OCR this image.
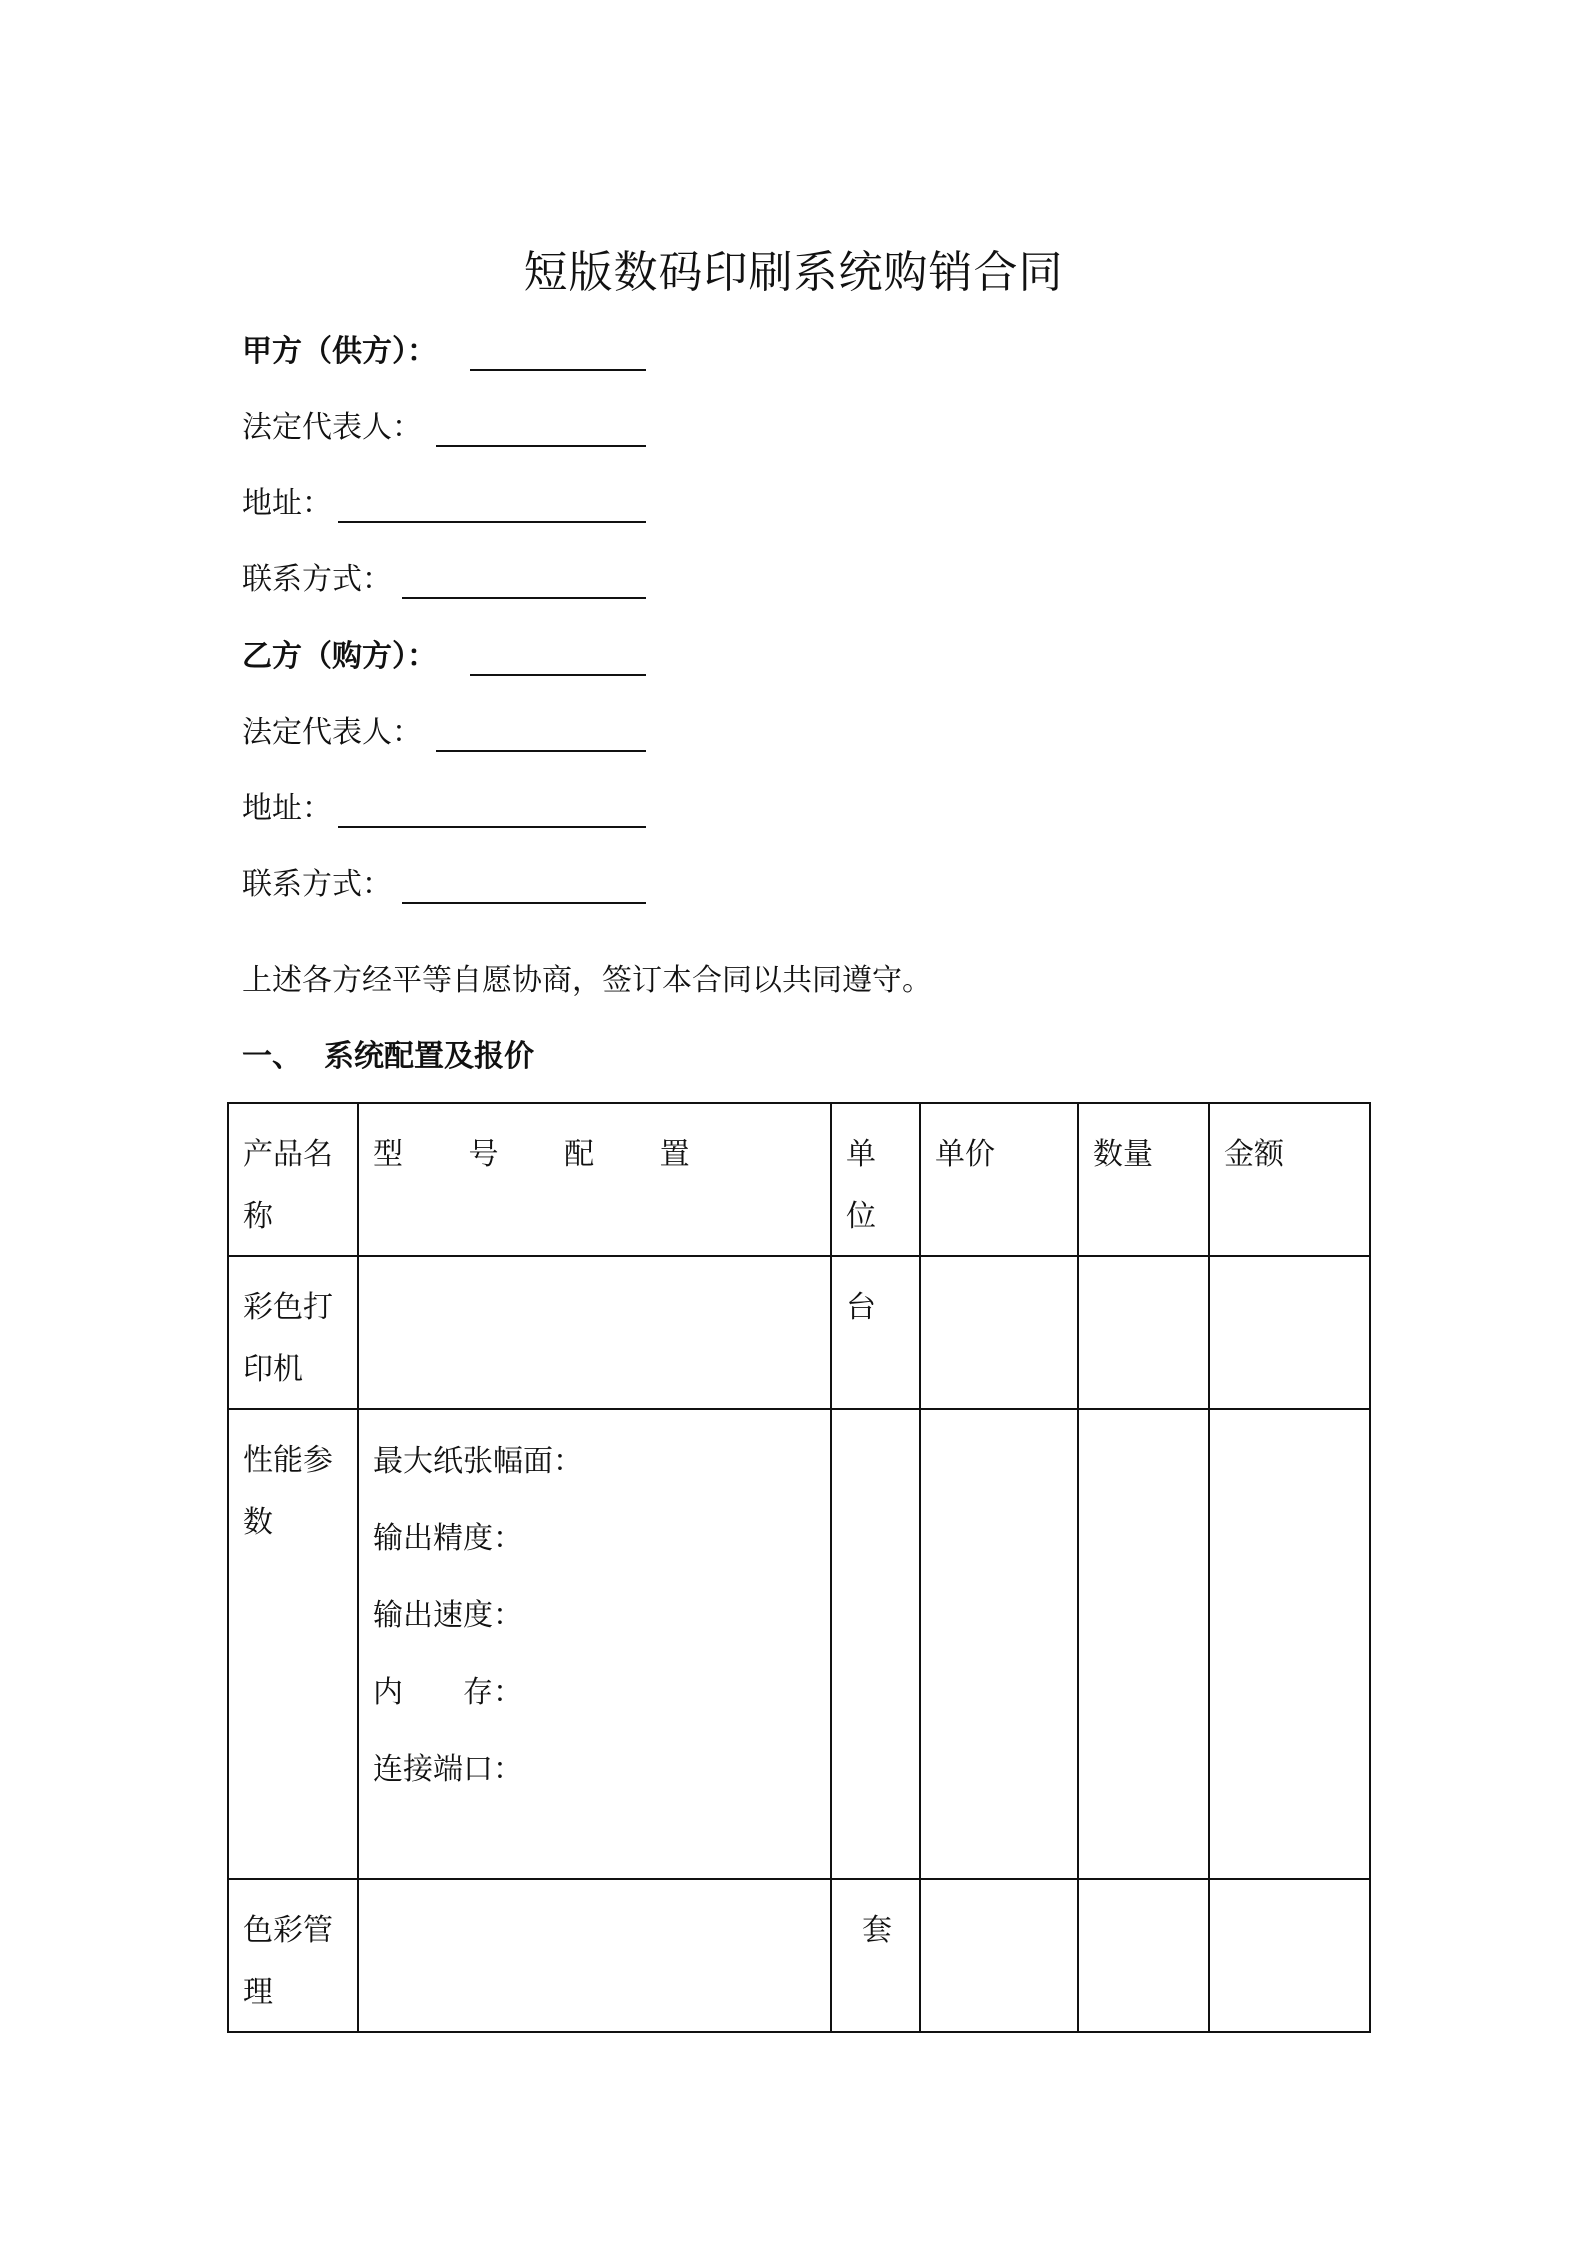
短版数码印刷系统购销合同
甲方（供方）：
法定代表人：
地址：
联系方式：
乙方（购方）：
法定代表人：
地址：
联系方式：
上述各方经平等自愿协商，签订本合同以共同遵守。
一、 系统配置及报价
产品名称	型 号 配 置	单位	单价	数量	金额
彩色打印机		台			
性能参数	最大纸张幅面：
输出精度：
输出速度：
内　　存：
连接端口：				

色彩管理		套			
